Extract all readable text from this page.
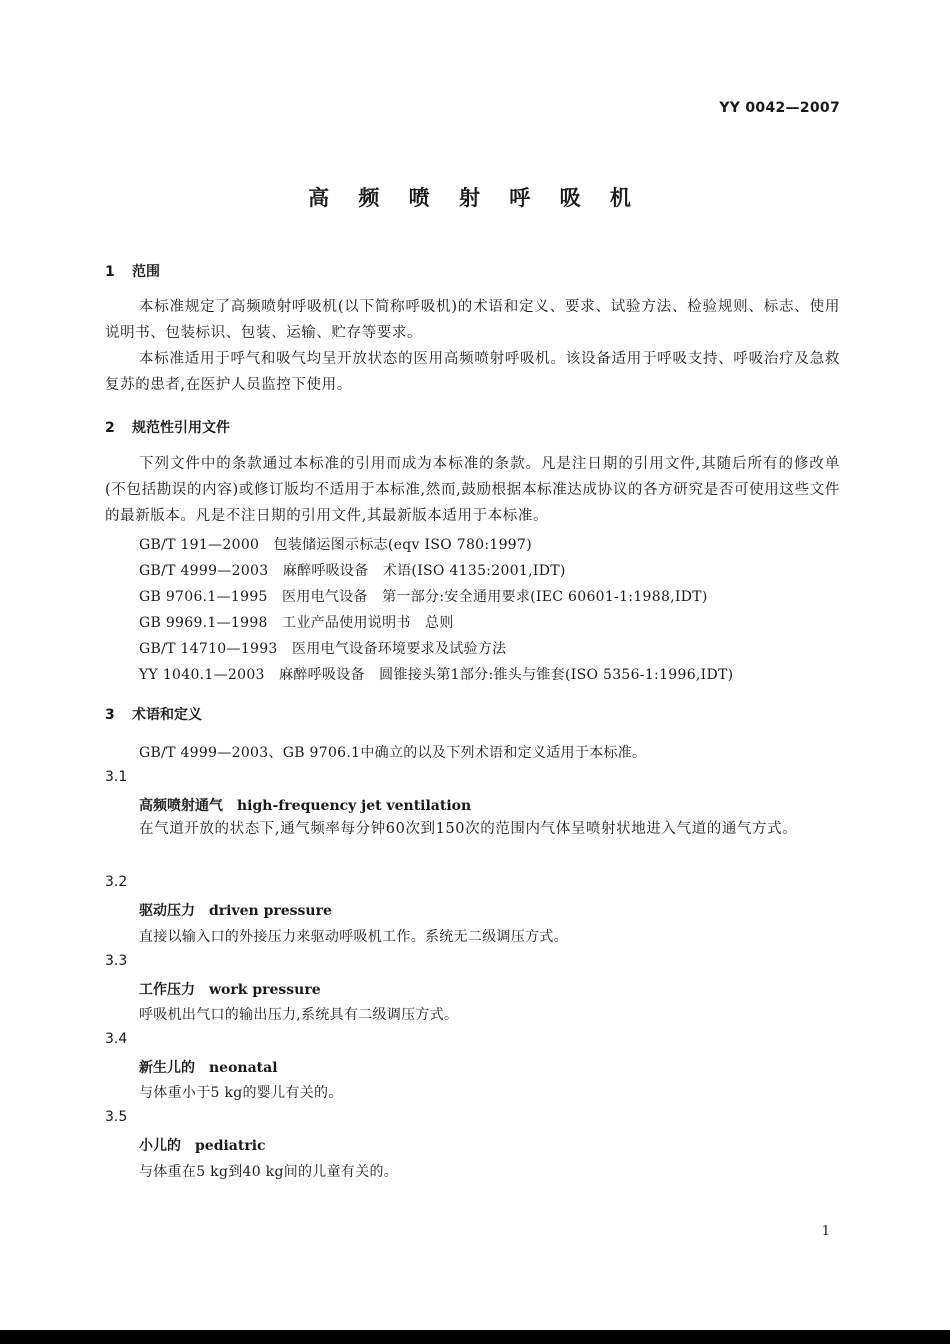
YY 0042—2007
高 频 喷 射 呼 吸 机
1 范围
本标准规定了高频喷射呼吸机(以下简称呼吸机)的术语和定义、要求、试验方法、检验规则、标志、使用说明书、包装标识、包装、运输、贮存等要求。
本标准适用于呼气和吸气均呈开放状态的医用高频喷射呼吸机。该设备适用于呼吸支持、呼吸治疗及急救复苏的患者,在医护人员监控下使用。
2 规范性引用文件
下列文件中的条款通过本标准的引用而成为本标准的条款。凡是注日期的引用文件,其随后所有的修改单(不包括勘误的内容)或修订版均不适用于本标准,然而,鼓励根据本标准达成协议的各方研究是否可使用这些文件的最新版本。凡是不注日期的引用文件,其最新版本适用于本标准。
GB/T 191—2000　包装储运图示标志(eqv ISO 780:1997)
GB/T 4999—2003　麻醉呼吸设备　术语(ISO 4135:2001,IDT)
GB 9706.1—1995　医用电气设备　第一部分:安全通用要求(IEC 60601-1:1988,IDT)
GB 9969.1—1998　工业产品使用说明书　总则
GB/T 14710—1993　医用电气设备环境要求及试验方法
YY 1040.1—2003　麻醉呼吸设备　圆锥接头第1部分:锥头与锥套(ISO 5356-1:1996,IDT)
3 术语和定义
GB/T 4999—2003、GB 9706.1中确立的以及下列术语和定义适用于本标准。
3.1
高频喷射通气 high-frequency jet ventilation
在气道开放的状态下,通气频率每分钟60次到150次的范围内气体呈喷射状地进入气道的通气方式。
3.2
驱动压力 driven pressure
直接以输入口的外接压力来驱动呼吸机工作。系统无二级调压方式。
3.3
工作压力 work pressure
呼吸机出气口的输出压力,系统具有二级调压方式。
3.4
新生儿的 neonatal
与体重小于5 kg的婴儿有关的。
3.5
小儿的 pediatric
与体重在5 kg到40 kg间的儿童有关的。
1
